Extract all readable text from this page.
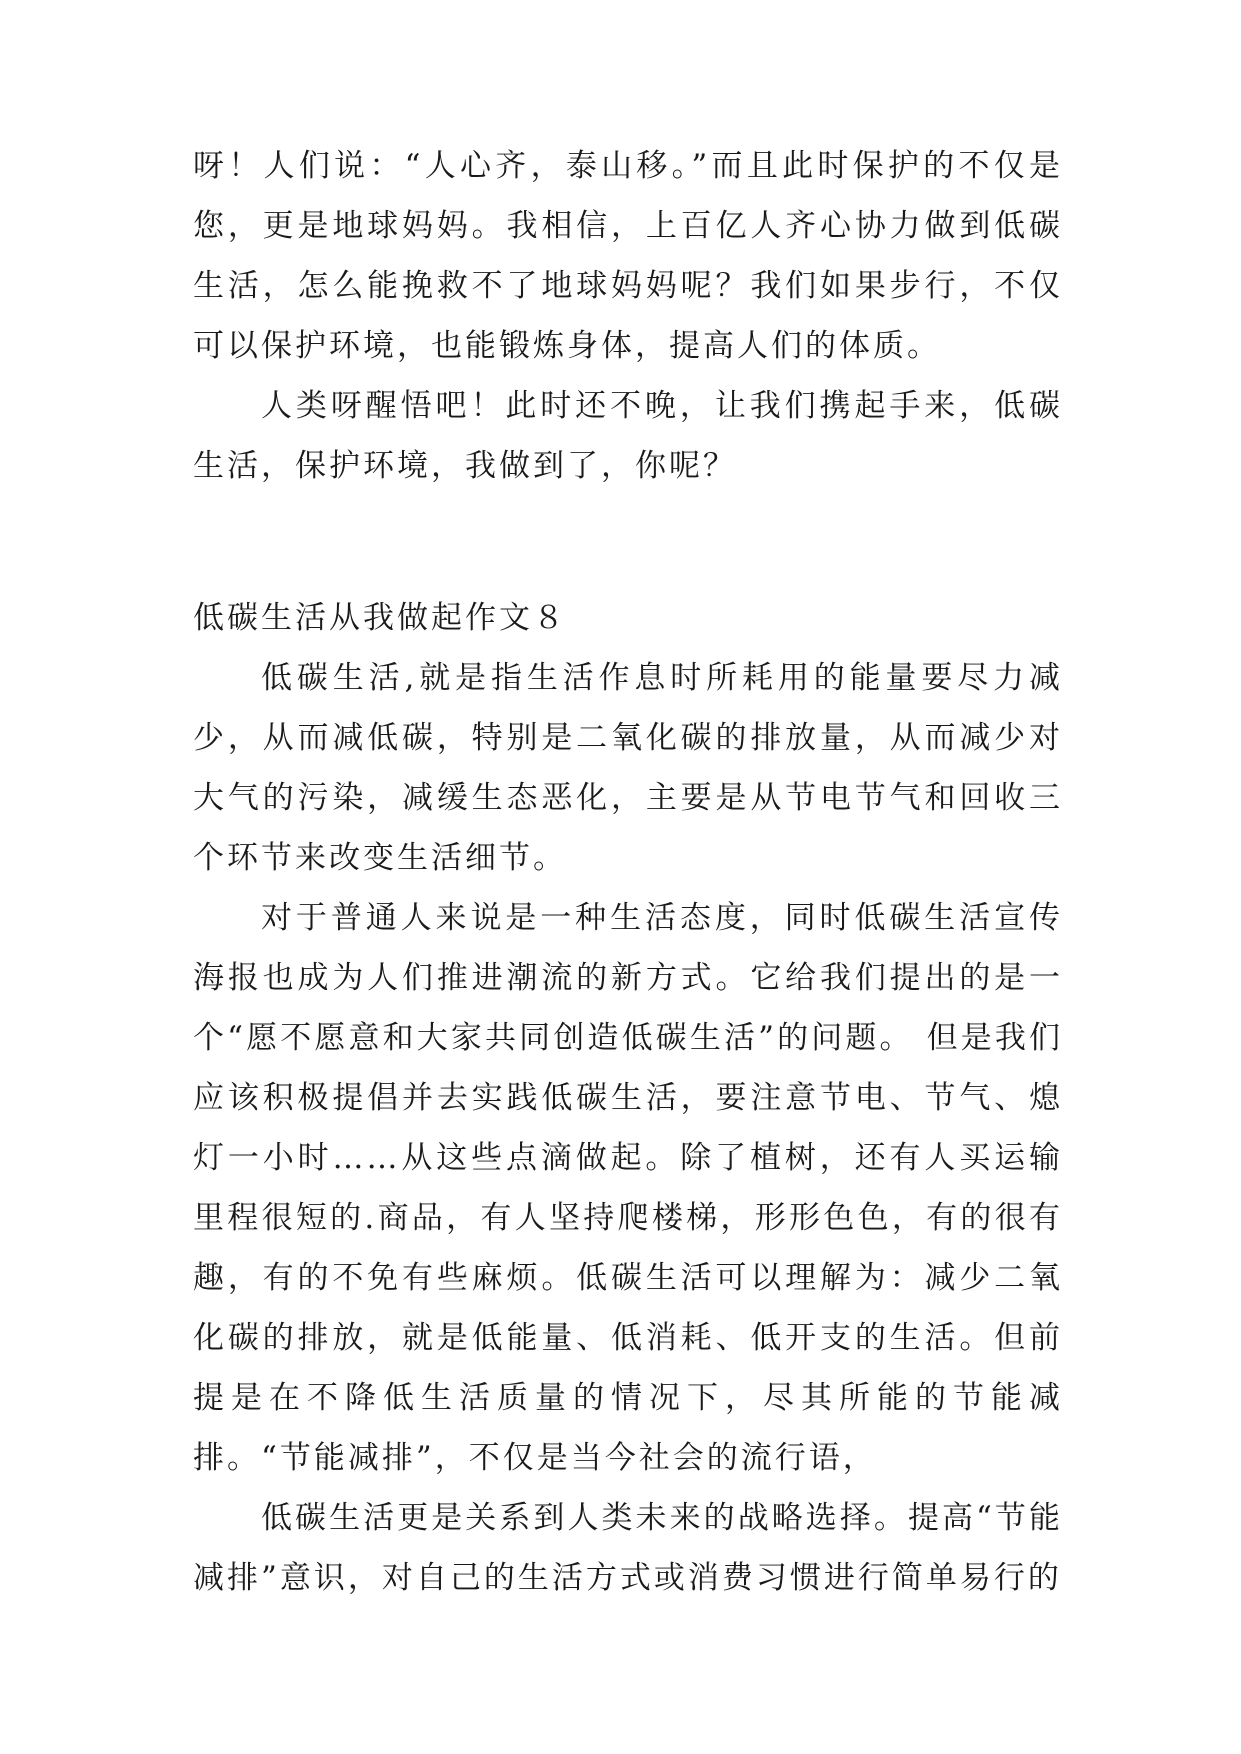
呀！人们说：“人心齐，泰山移。”而且此时保护的不仅是您，更是地球妈妈。我相信，上百亿人齐心协力做到低碳生活，怎么能挽救不了地球妈妈呢？我们如果步行，不仅可以保护环境，也能锻炼身体，提高人们的体质。

人类呀醒悟吧！此时还不晚，让我们携起手来，低碳生活，保护环境，我做到了，你呢？

低碳生活从我做起作文８

低碳生活,就是指生活作息时所耗用的能量要尽力减少，从而减低碳，特别是二氧化碳的排放量，从而减少对大气的污染，减缓生态恶化，主要是从节电节气和回收三个环节来改变生活细节。

对于普通人来说是一种生活态度，同时低碳生活宣传海报也成为人们推进潮流的新方式。它给我们提出的是一个“愿不愿意和大家共同创造低碳生活”的问题。 但是我们应该积极提倡并去实践低碳生活，要注意节电、节气、熄灯一小时……从这些点滴做起。除了植树，还有人买运输里程很短的.商品，有人坚持爬楼梯，形形色色，有的很有趣，有的不免有些麻烦。低碳生活可以理解为：减少二氧化碳的排放，就是低能量、低消耗、低开支的生活。但前提是在不降低生活质量的情况下，尽其所能的节能减排。“节能减排”，不仅是当今社会的流行语，

低碳生活更是关系到人类未来的战略选择。提高“节能减排”意识，对自己的生活方式或消费习惯进行简单易行的
